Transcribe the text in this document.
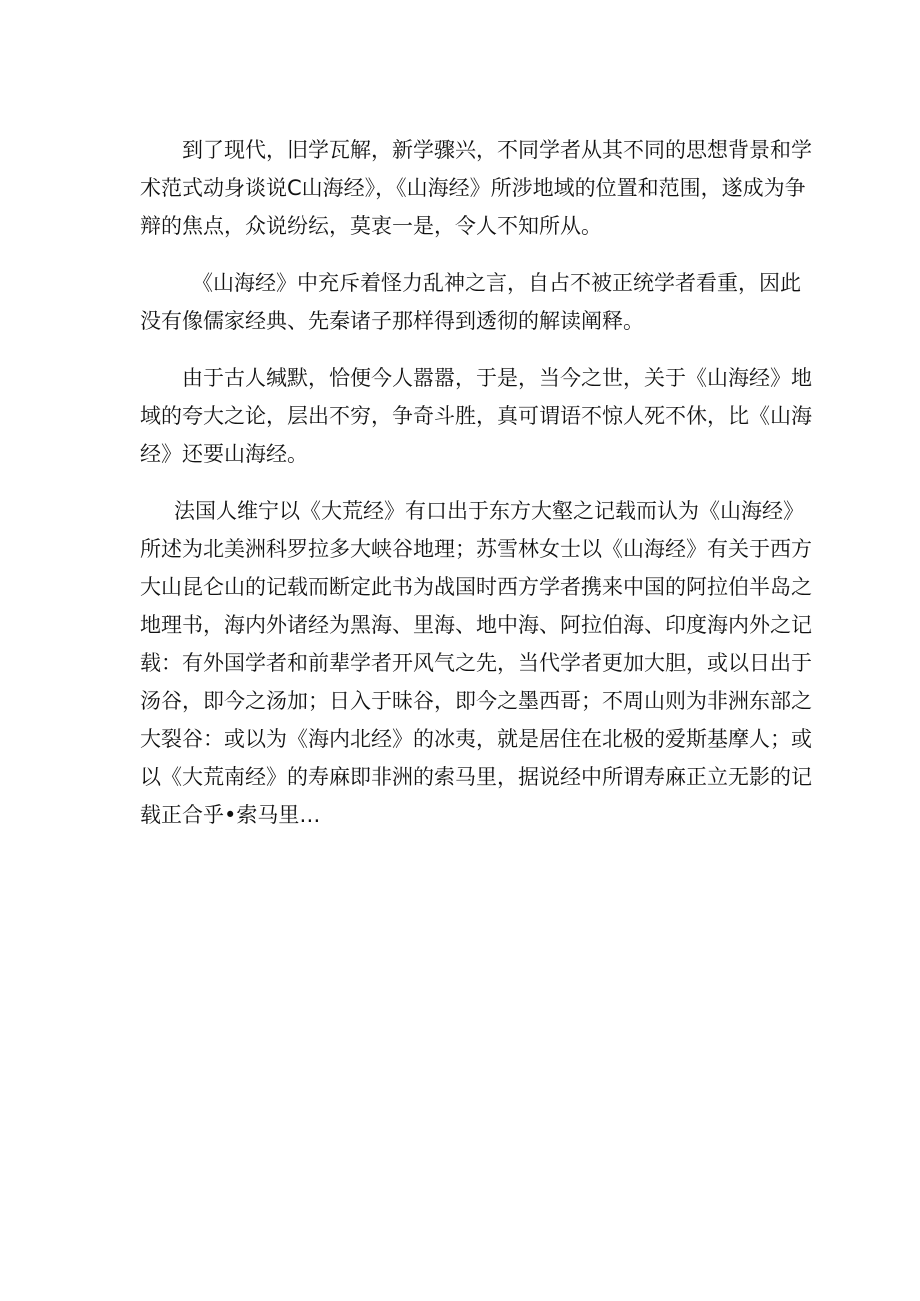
到了现代，旧学瓦解，新学骤兴，不同学者从其不同的思想背景和学
术范式动身谈说C山海经》，《山海经》所涉地域的位置和范围，遂成为争
辩的焦点，众说纷纭，莫衷一是，令人不知所从。
《山海经》中充斥着怪力乱神之言，自占不被正统学者看重，因此
没有像儒家经典、先秦诸子那样得到透彻的解读阐释。
由于古人缄默，恰便今人嚣嚣，于是，当今之世，关于《山海经》地
域的夸大之论，层出不穷，争奇斗胜，真可谓语不惊人死不休，比《山海
经》还要山海经。
法国人维宁以《大荒经》有口出于东方大壑之记载而认为《山海经》
所述为北美洲科罗拉多大峡谷地理；苏雪林女士以《山海经》有关于西方
大山昆仑山的记载而断定此书为战国时西方学者携来中国的阿拉伯半岛之
地理书，海内外诸经为黑海、里海、地中海、阿拉伯海、印度海内外之记
载：有外国学者和前辈学者开风气之先，当代学者更加大胆，或以日出于
汤谷，即今之汤加；日入于昧谷，即今之墨西哥；不周山则为非洲东部之
大裂谷：或以为《海内北经》的冰夷，就是居住在北极的爱斯基摩人；或
以《大荒南经》的寿麻即非洲的索马里，据说经中所谓寿麻正立无影的记
载正合乎•索马里…
